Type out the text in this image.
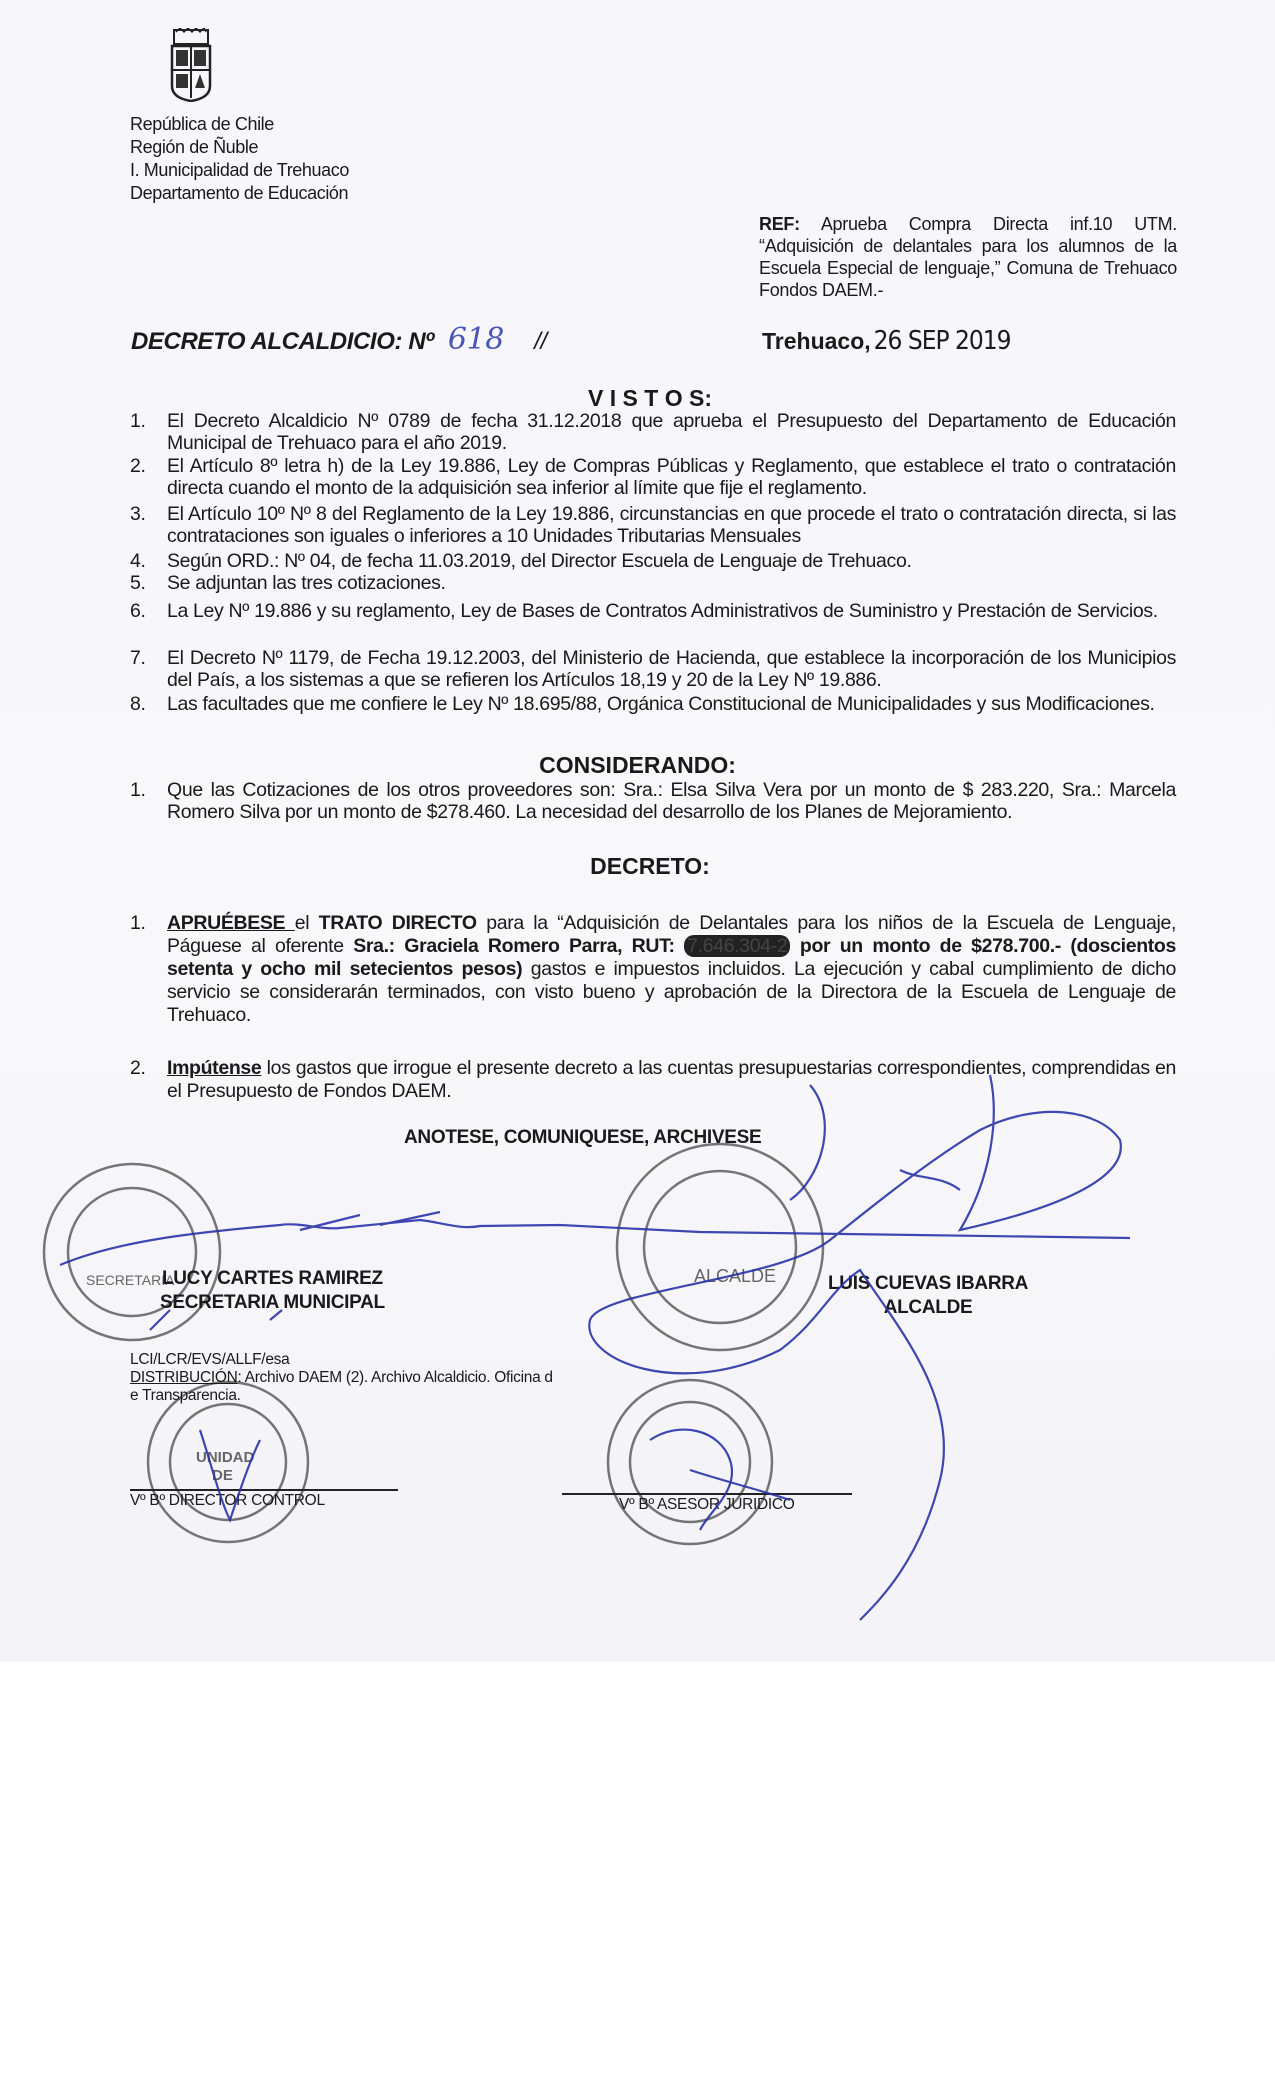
República de Chile
Región de Ñuble
I. Municipalidad de Trehuaco
Departamento de Educación
REF: Aprueba Compra Directa inf.10 UTM. “Adquisición de delantales para los alumnos de la Escuela Especial de lenguaje,” Comuna de Trehuaco Fondos DAEM.-
DECRETO ALCALDICIO: Nº 618 //	Trehuaco, 26 SEP 2019
V I S T O S:
1. El Decreto Alcaldicio Nº 0789 de fecha 31.12.2018 que aprueba el Presupuesto del Departamento de Educación Municipal de Trehuaco para el año 2019.
2. El Artículo 8º letra h) de la Ley 19.886, Ley de Compras Públicas y Reglamento, que establece el trato o contratación directa cuando el monto de la adquisición sea inferior al límite que fije el reglamento.
3. El Artículo 10º Nº 8 del Reglamento de la Ley 19.886, circunstancias en que procede el trato o contratación directa, si las contrataciones son iguales o inferiores a 10 Unidades Tributarias Mensuales
4. Según ORD.: Nº 04, de fecha 11.03.2019, del Director Escuela de Lenguaje de Trehuaco.
5. Se adjuntan las tres cotizaciones.
6. La Ley Nº 19.886 y su reglamento, Ley de Bases de Contratos Administrativos de Suministro y Prestación de Servicios.
7. El Decreto Nº 1179, de Fecha 19.12.2003, del Ministerio de Hacienda, que establece la incorporación de los Municipios del País, a los sistemas a que se refieren los Artículos 18,19 y 20 de la Ley Nº 19.886.
8. Las facultades que me confiere le Ley Nº 18.695/88, Orgánica Constitucional de Municipalidades y sus Modificaciones.
CONSIDERANDO:
1. Que las Cotizaciones de los otros proveedores son: Sra.: Elsa Silva Vera por un monto de $ 283.220, Sra.: Marcela Romero Silva por un monto de $278.460. La necesidad del desarrollo de los Planes de Mejoramiento.
DECRETO:
1. APRUÉBESE el TRATO DIRECTO para la “Adquisición de Delantales para los niños de la Escuela de Lenguaje, Páguese al oferente Sra.: Graciela Romero Parra, RUT: 7.646.304-2 por un monto de $278.700.- (doscientos setenta y ocho mil setecientos pesos) gastos e impuestos incluidos. La ejecución y cabal cumplimiento de dicho servicio se considerarán terminados, con visto bueno y aprobación de la Directora de la Escuela de Lenguaje de Trehuaco.
2. Impútense los gastos que irrogue el presente decreto a las cuentas presupuestarias correspondientes, comprendidas en el Presupuesto de Fondos DAEM.
ANOTESE, COMUNIQUESE, ARCHIVESE
ALCALDE
UNIDAD
DE
SECRETARIA
LUCY CARTES RAMIREZ
SECRETARIA MUNICIPAL
LUIS CUEVAS IBARRA
ALCALDE
LCI/LCR/EVS/ALLF/esa
DISTRIBUCIÓN: Archivo DAEM (2). Archivo Alcaldicio. Oficina d
e Transparencia.
Vº Bº DIRECTOR CONTROL	Vº Bº ASESOR JURIDICO
